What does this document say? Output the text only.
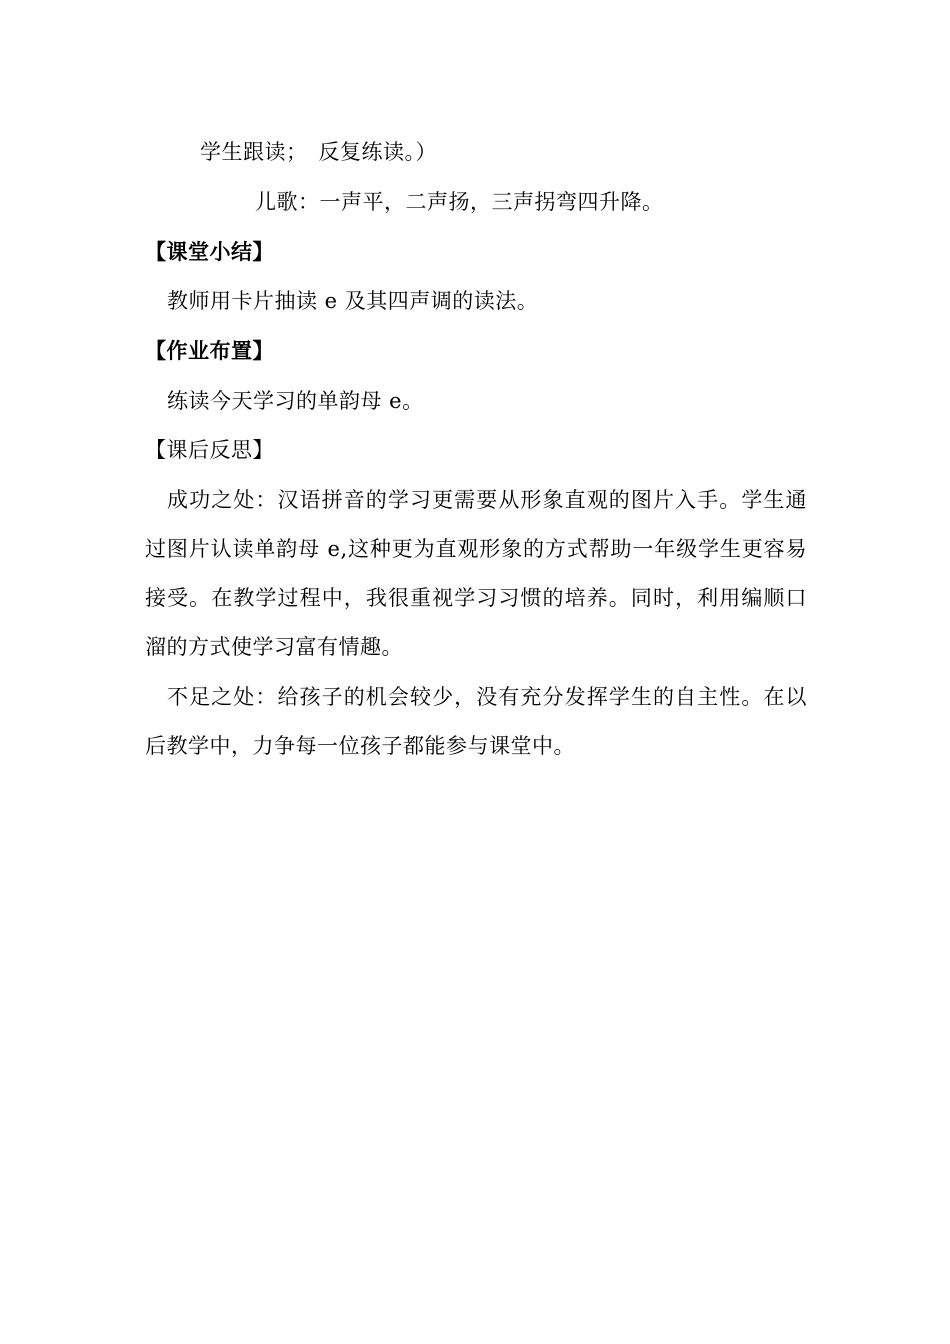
学生跟读；　反复练读。）
儿歌：一声平，二声扬，三声拐弯四升降。
【课堂小结】
教师用卡片抽读 e 及其四声调的读法。
【作业布置】
练读今天学习的单韵母 e。
【课后反思】
成功之处：汉语拼音的学习更需要从形象直观的图片入手。学生通过图片认读单韵母 e,这种更为直观形象的方式帮助一年级学生更容易接受。在教学过程中，我很重视学习习惯的培养。同时，利用编顺口溜的方式使学习富有情趣。
不足之处：给孩子的机会较少，没有充分发挥学生的自主性。在以后教学中，力争每一位孩子都能参与课堂中。
